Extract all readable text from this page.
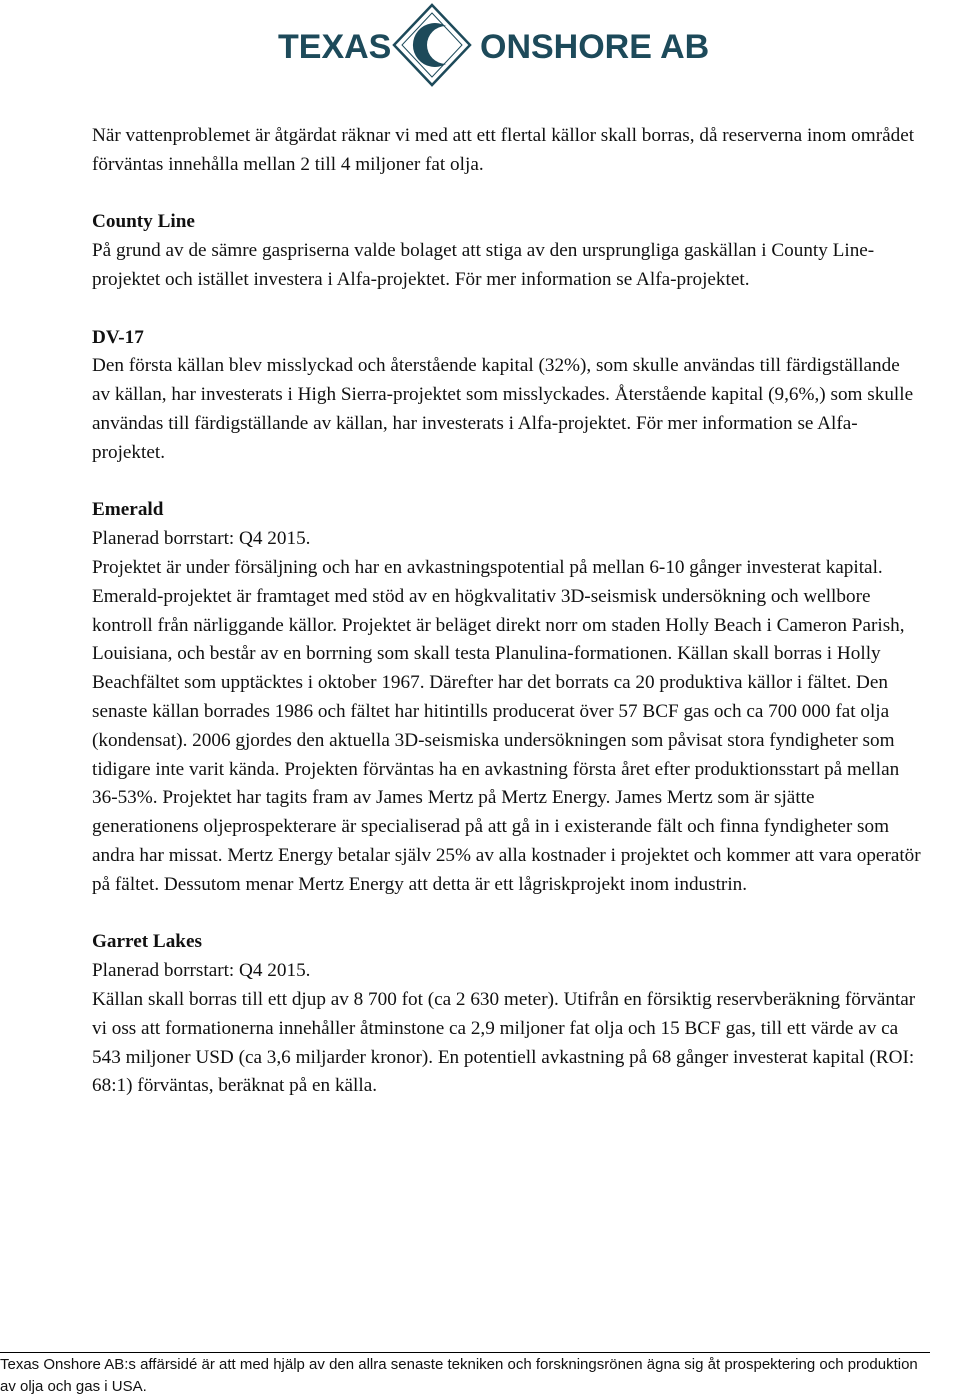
TEXAS	ONSHORE AB

När vattenproblemet är åtgärdat räknar vi med att ett flertal källor skall borras, då reserverna inom området förväntas innehålla mellan 2 till 4 miljoner fat olja.

County Line

På grund av de sämre gaspriserna valde bolaget att stiga av den ursprungliga gaskällan i County Line-projektet och istället investera i Alfa-projektet. För mer information se Alfa-projektet.

DV-17

Den första källan blev misslyckad och återstående kapital (32%), som skulle användas till färdigställande av källan, har investerats i High Sierra-projektet som misslyckades. Återstående kapital (9,6%,) som skulle användas till färdigställande av källan, har investerats i Alfa-projektet. För mer information se Alfa-projektet.

Emerald

Planerad borrstart: Q4 2015.

Projektet är under försäljning och har en avkastningspotential på mellan 6-10 gånger investerat kapital. Emerald-projektet är framtaget med stöd av en högkvalitativ 3D-seismisk undersökning och wellbore kontroll från närliggande källor. Projektet är beläget direkt norr om staden Holly Beach i Cameron Parish, Louisiana, och består av en borrning som skall testa Planulina-formationen. Källan skall borras i Holly Beachfältet som upptäcktes i oktober 1967. Därefter har det borrats ca 20 produktiva källor i fältet. Den senaste källan borrades 1986 och fältet har hitintills producerat över 57 BCF gas och ca 700 000 fat olja (kondensat). 2006 gjordes den aktuella 3D-seismiska undersökningen som påvisat stora fyndigheter som tidigare inte varit kända. Projekten förväntas ha en avkastning första året efter produktionsstart på mellan 36-53%. Projektet har tagits fram av James Mertz på Mertz Energy. James Mertz som är sjätte generationens oljeprospekterare är specialiserad på att gå in i existerande fält och finna fyndigheter som andra har missat. Mertz Energy betalar själv 25% av alla kostnader i projektet och kommer att vara operatör på fältet. Dessutom menar Mertz Energy att detta är ett lågriskprojekt inom industrin.

Garret Lakes

Planerad borrstart: Q4 2015.

Källan skall borras till ett djup av 8 700 fot (ca 2 630 meter). Utifrån en försiktig reservberäkning förväntar vi oss att formationerna innehåller åtminstone ca 2,9 miljoner fat olja och 15 BCF gas, till ett värde av ca 543 miljoner USD (ca 3,6 miljarder kronor). En potentiell avkastning på 68 gånger investerat kapital (ROI: 68:1) förväntas, beräknat på en källa.

Texas Onshore AB:s affärsidé är att med hjälp av den allra senaste tekniken och forskningsrönen ägna sig åt prospektering och produktion av olja och gas i USA.
